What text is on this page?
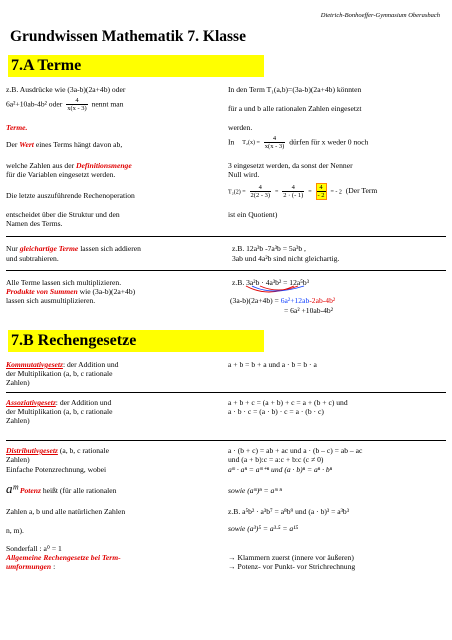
Dietrich-Bonhoeffer-Gymnasium Oberasbach
Grundwissen Mathematik 7. Klasse
7.A Terme
z.B. Ausdrücke wie (3a-b)(2a+4b) oder
6a²+10ab-4b² oder $\frac{4}{x(x - 3)}$ nennt man
Terme.
In den Term T₁(a,b)=(3a-b)(2a+4b) könnten
für a und b alle rationalen Zahlen eingesetzt
werden.
Der Wert eines Terms hängt davon ab,
welche Zahlen aus der Definitionsmenge
für die Variablen eingesetzt werden.
In $T_2(x) = \frac{4}{x(x - 3)}$ dürfen für x weder 0 noch
3 eingesetzt werden, da sonst der Nenner
Null wird.
Die letzte auszuführende Rechenoperation
entscheidet über die Struktur und den
Namen des Terms.
$T_2(2) = \frac{4}{2(2 - 3)} = \frac{4}{2 \cdot (- 1)} = \frac{4}{- 2}$ = - 2 (Der Term
ist ein Quotient)
Nur gleichartige Terme lassen sich addieren
und subtrahieren.
z.B. 12a³b -7a³b = 5a³b ,
3ab und 4a²b sind nicht gleichartig.
Alle Terme lassen sich multiplizieren.
Produkte von Summen wie (3a-b)(2a+4b)
lassen sich ausmultiplizieren.
z.B. 3a²b · 4a³b² = 12a⁵b³
(3a-b)(2a+4b) = 6a²+12ab-2ab-4b²
= 6a² +10ab-4b²
7.B Rechengesetze
Kommutativgesetz: der Addition und
der Multiplikation (a, b, c rationale
Zahlen)
a + b = b + a und a · b = b · a
Assoziativgesetz: der Addition und
der Multiplikation (a, b, c rationale
Zahlen)
a + b + c = (a + b) + c = a + (b + c) und
a · b · c = (a · b) · c = a · (b · c)
Distributivgesetz (a, b, c rationale
Zahlen)
a · (b + c) = ab + ac und a · (b – c) = ab – ac
und (a + b):c = a:c + b:c (c ≠ 0)
Einfache Potenzrechnung, wobei	aᵐ · aⁿ = aᵐ⁺ⁿ und (a · b)ⁿ = aⁿ · bⁿ
aᵐ Potenz heißt (für alle rationalen	sowie (aᵐ)ⁿ = aᵐ ⁿ
Zahlen a, b und alle natürlichen Zahlen	z.B. a⁵b² · a³b⁷ = a⁸b⁹ und (a · b)³ = a³b³
n, m).	sowie (a³)⁵ = a³·⁵ = a¹⁵
Sonderfall : a⁰ = 1
Allgemeine Rechengesetze bei Term-
umformungen :
→ Klammern zuerst (innere vor äußeren)
→ Potenz- vor Punkt- vor Strichrechnung
